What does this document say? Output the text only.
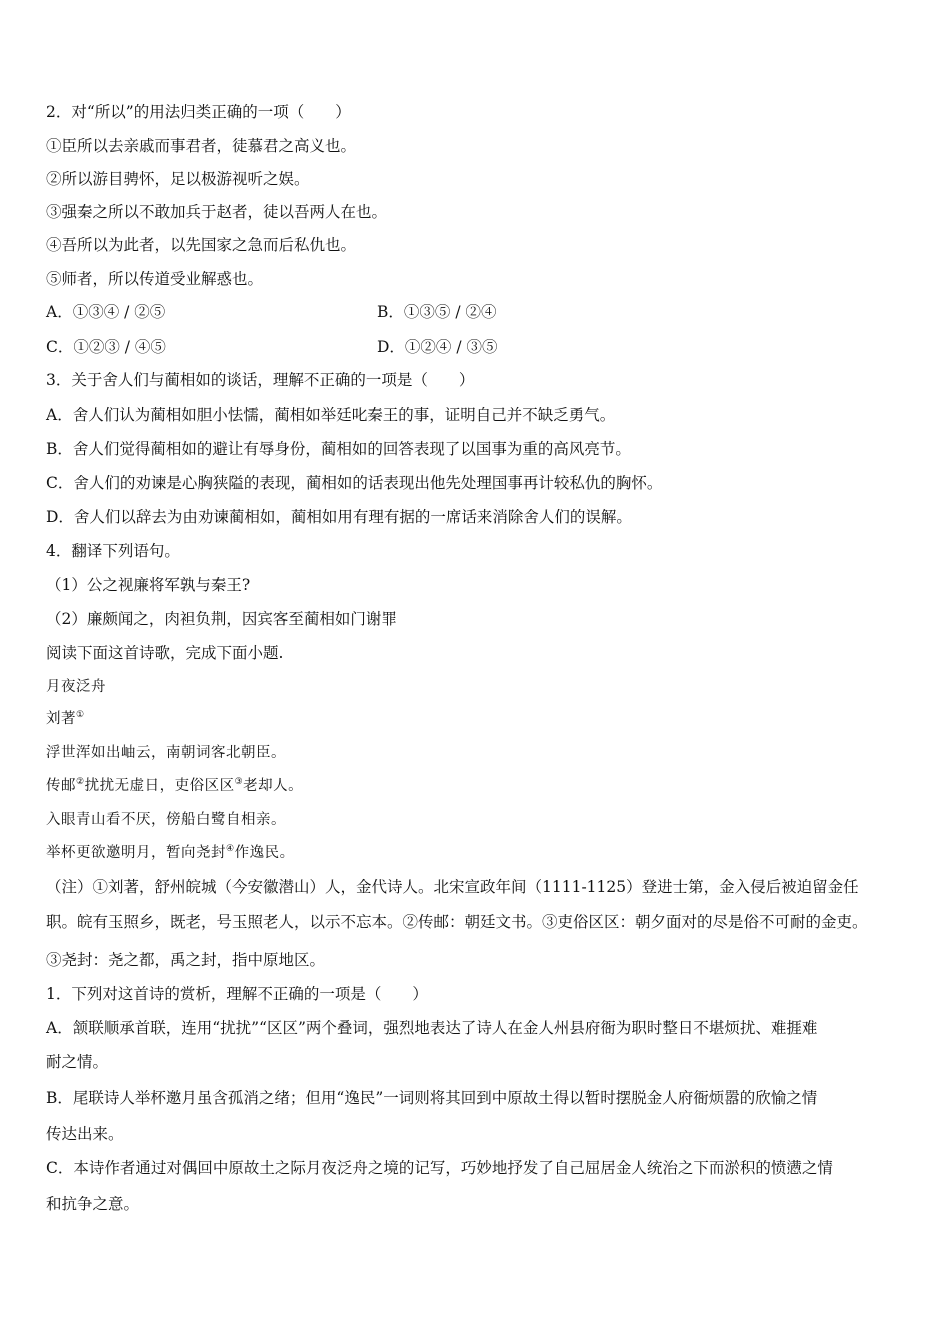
2．对“所以”的用法归类正确的一项（　　）
①臣所以去亲戚而事君者，徒慕君之高义也。
②所以游目骋怀，足以极游视听之娱。
③强秦之所以不敢加兵于赵者，徒以吾两人在也。
④吾所以为此者，以先国家之急而后私仇也。
⑤师者，所以传道受业解惑也。
A．①③④ / ②⑤	B．①③⑤ / ②④
C．①②③ / ④⑤	D．①②④ / ③⑤
3．关于舍人们与蔺相如的谈话，理解不正确的一项是（　　）
A．舍人们认为蔺相如胆小怯懦，蔺相如举廷叱秦王的事，证明自己并不缺乏勇气。
B．舍人们觉得蔺相如的避让有辱身份，蔺相如的回答表现了以国事为重的高风亮节。
C．舍人们的劝谏是心胸狭隘的表现，蔺相如的话表现出他先处理国事再计较私仇的胸怀。
D．舍人们以辞去为由劝谏蔺相如，蔺相如用有理有据的一席话来消除舍人们的误解。
4．翻译下列语句。
（1）公之视廉将军孰与秦王?
（2）廉颇闻之，肉袒负荆，因宾客至蔺相如门谢罪
阅读下面这首诗歌，完成下面小题.
月夜泛舟
刘著①
浮世浑如出岫云，南朝词客北朝臣。
传邮②扰扰无虚日，吏俗区区③老却人。
入眼青山看不厌，傍船白鹭自相亲。
举杯更欲邀明月，暂向尧封④作逸民。
（注）①刘著，舒州皖城（今安徽潜山）人，金代诗人。北宋宣政年间（1111-1125）登进士第，金入侵后被迫留金任
职。皖有玉照乡，既老，号玉照老人，以示不忘本。②传邮：朝廷文书。③吏俗区区：朝夕面对的尽是俗不可耐的金吏。
③尧封：尧之都，禹之封，指中原地区。
1．下列对这首诗的赏析，理解不正确的一项是（　　）
A．颔联顺承首联，连用“扰扰”“区区”两个叠词，强烈地表达了诗人在金人州县府衙为职时整日不堪烦扰、难捱难
耐之情。
B．尾联诗人举杯邀月虽含孤消之绪；但用“逸民”一词则将其回到中原故土得以暂时摆脱金人府衙烦嚣的欣愉之情
传达出来。
C．本诗作者通过对偶回中原故土之际月夜泛舟之境的记写，巧妙地抒发了自己屈居金人统治之下而淤积的愤懑之情
和抗争之意。
